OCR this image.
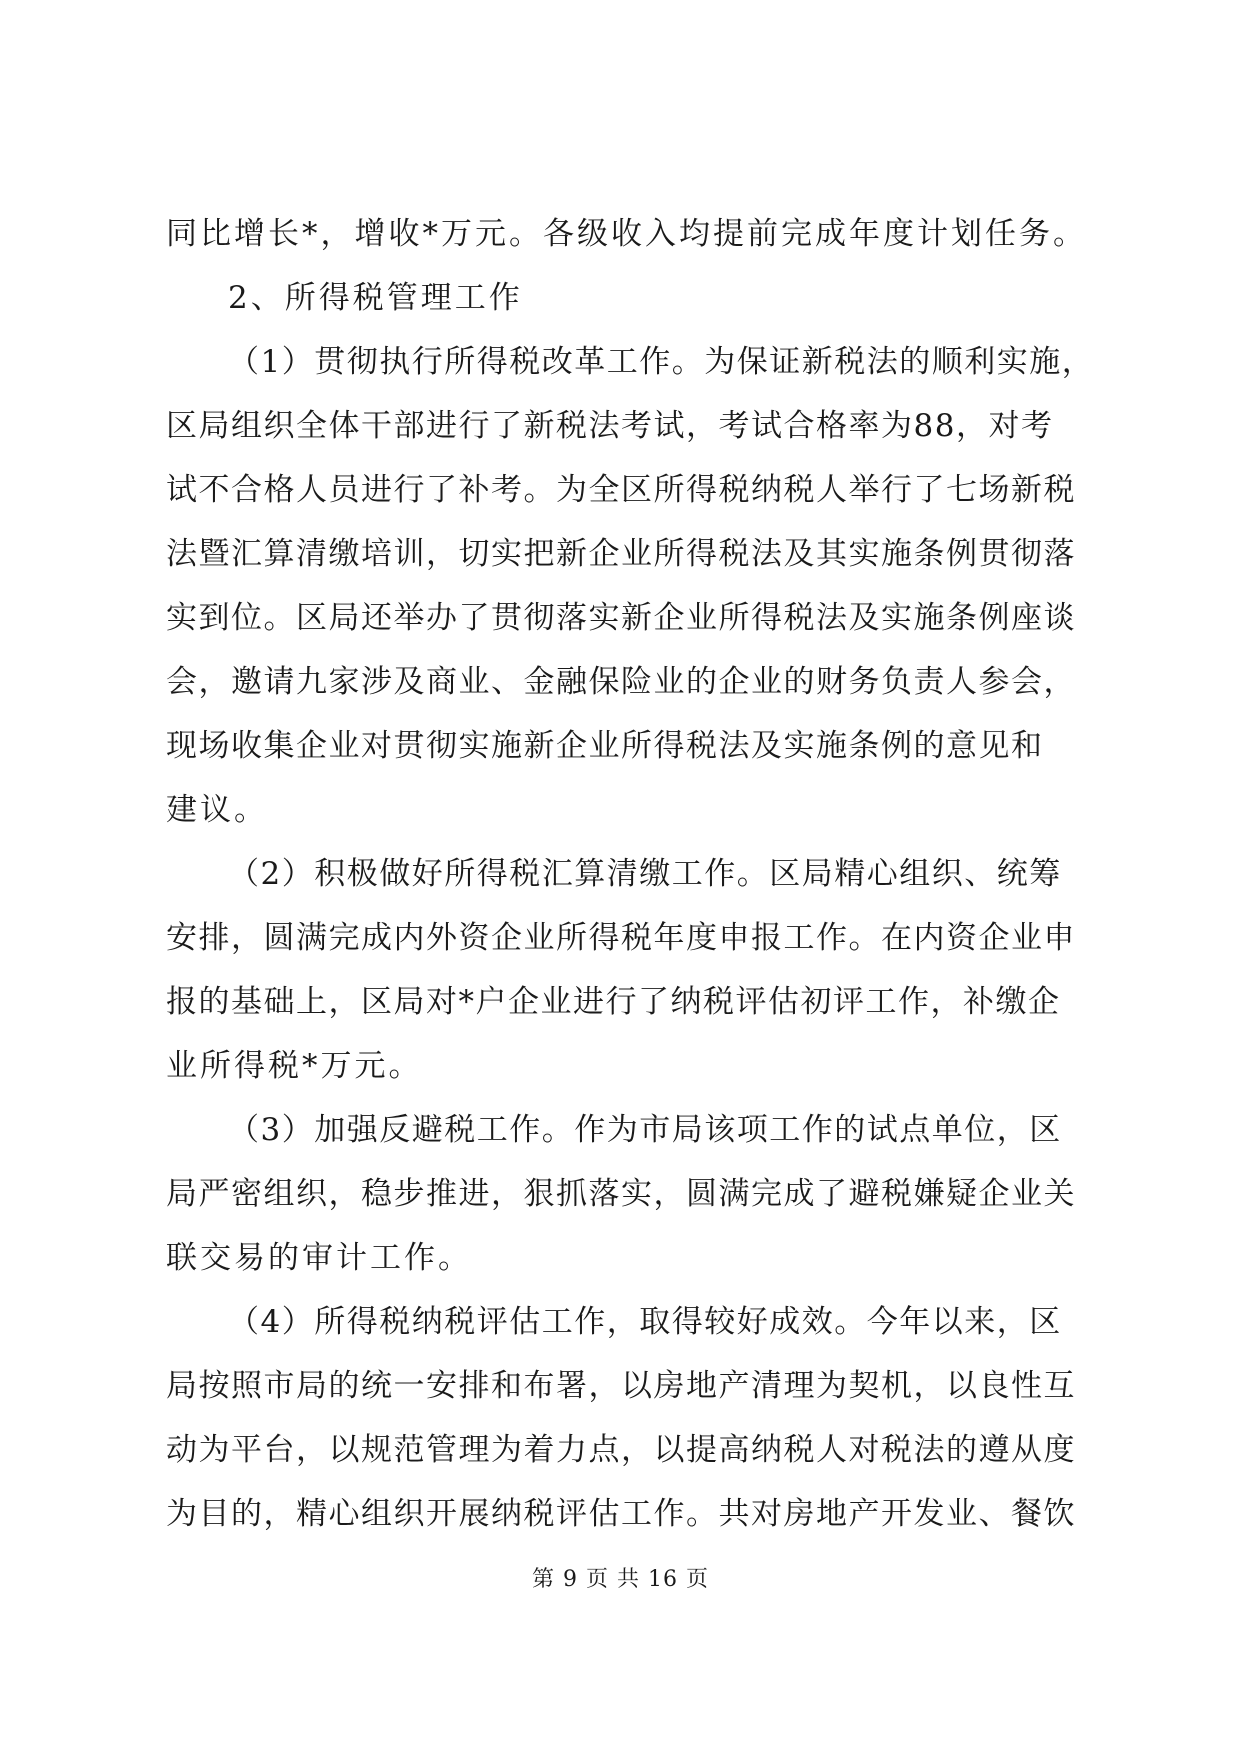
同比增长*，增收*万元。各级收入均提前完成年度计划任务。
2、所得税管理工作
（1）贯彻执行所得税改革工作。为保证新税法的顺利实施，
区局组织全体干部进行了新税法考试，考试合格率为88，对考
试不合格人员进行了补考。为全区所得税纳税人举行了七场新税
法暨汇算清缴培训，切实把新企业所得税法及其实施条例贯彻落
实到位。区局还举办了贯彻落实新企业所得税法及实施条例座谈
会，邀请九家涉及商业、金融保险业的企业的财务负责人参会，
现场收集企业对贯彻实施新企业所得税法及实施条例的意见和
建议。
（2）积极做好所得税汇算清缴工作。区局精心组织、统筹
安排，圆满完成内外资企业所得税年度申报工作。在内资企业申
报的基础上，区局对*户企业进行了纳税评估初评工作，补缴企
业所得税*万元。
（3）加强反避税工作。作为市局该项工作的试点单位，区
局严密组织，稳步推进，狠抓落实，圆满完成了避税嫌疑企业关
联交易的审计工作。
（4）所得税纳税评估工作，取得较好成效。今年以来，区
局按照市局的统一安排和布署，以房地产清理为契机，以良性互
动为平台，以规范管理为着力点，以提高纳税人对税法的遵从度
为目的，精心组织开展纳税评估工作。共对房地产开发业、餐饮
第 9 页 共 16 页
